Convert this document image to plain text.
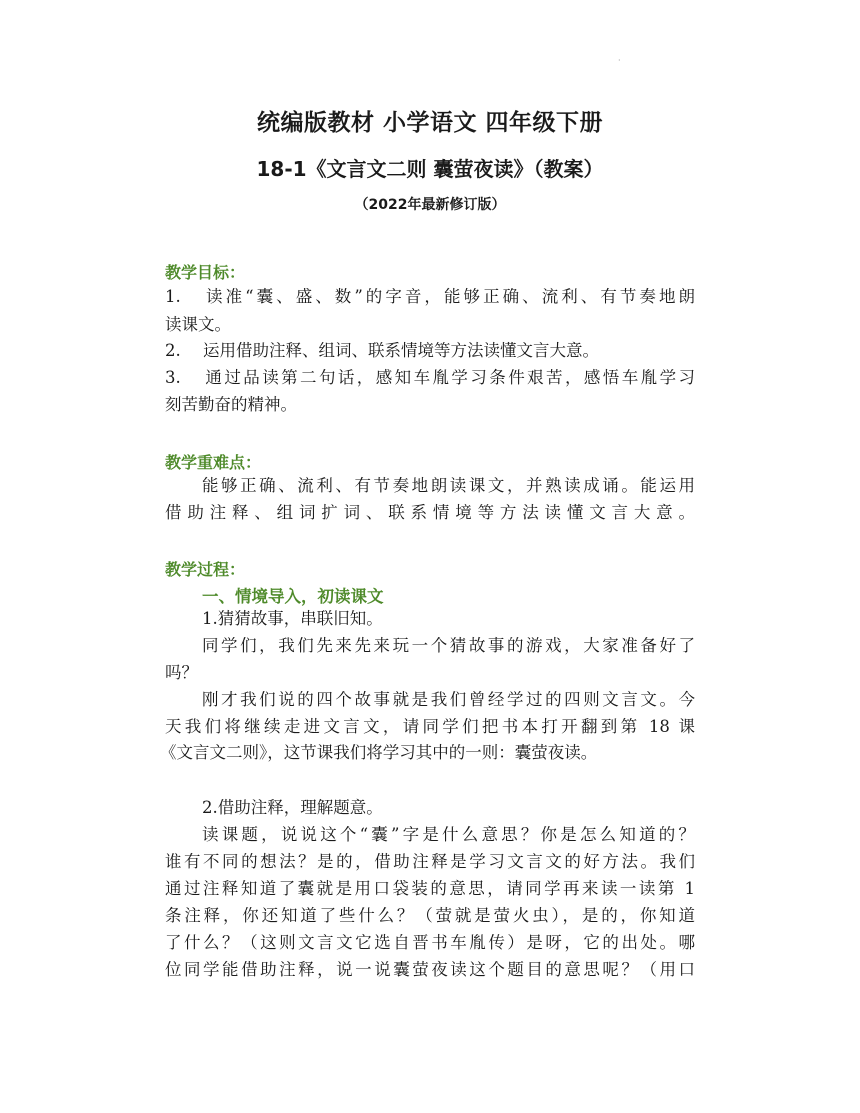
·
统编版教材 小学语文 四年级下册
18-1《文言文二则 囊萤夜读》（教案）
（2022年最新修订版）
教学目标：
1. 读准“囊、盛、数”的字音，能够正确、流利、有节奏地朗
读课文。
2. 运用借助注释、组词、联系情境等方法读懂文言大意。
3. 通过品读第二句话，感知车胤学习条件艰苦，感悟车胤学习
刻苦勤奋的精神。
教学重难点：
能够正确、流利、有节奏地朗读课文，并熟读成诵。能运用
借助注释、组词扩词、联系情境等方法读懂文言大意。
教学过程：
一、情境导入，初读课文
1.猜猜故事，串联旧知。
同学们，我们先来先来玩一个猜故事的游戏，大家准备好了
吗？
刚才我们说的四个故事就是我们曾经学过的四则文言文。今
天我们将继续走进文言文，请同学们把书本打开翻到第 18 课
《文言文二则》，这节课我们将学习其中的一则：囊萤夜读。
2.借助注释，理解题意。
读课题，说说这个“囊”字是什么意思？你是怎么知道的？
谁有不同的想法？是的，借助注释是学习文言文的好方法。我们
通过注释知道了囊就是用口袋装的意思，请同学再来读一读第 1
条注释，你还知道了些什么？（萤就是萤火虫），是的，你知道
了什么？（这则文言文它选自晋书车胤传）是呀，它的出处。哪
位同学能借助注释，说一说囊萤夜读这个题目的意思呢？（用口
